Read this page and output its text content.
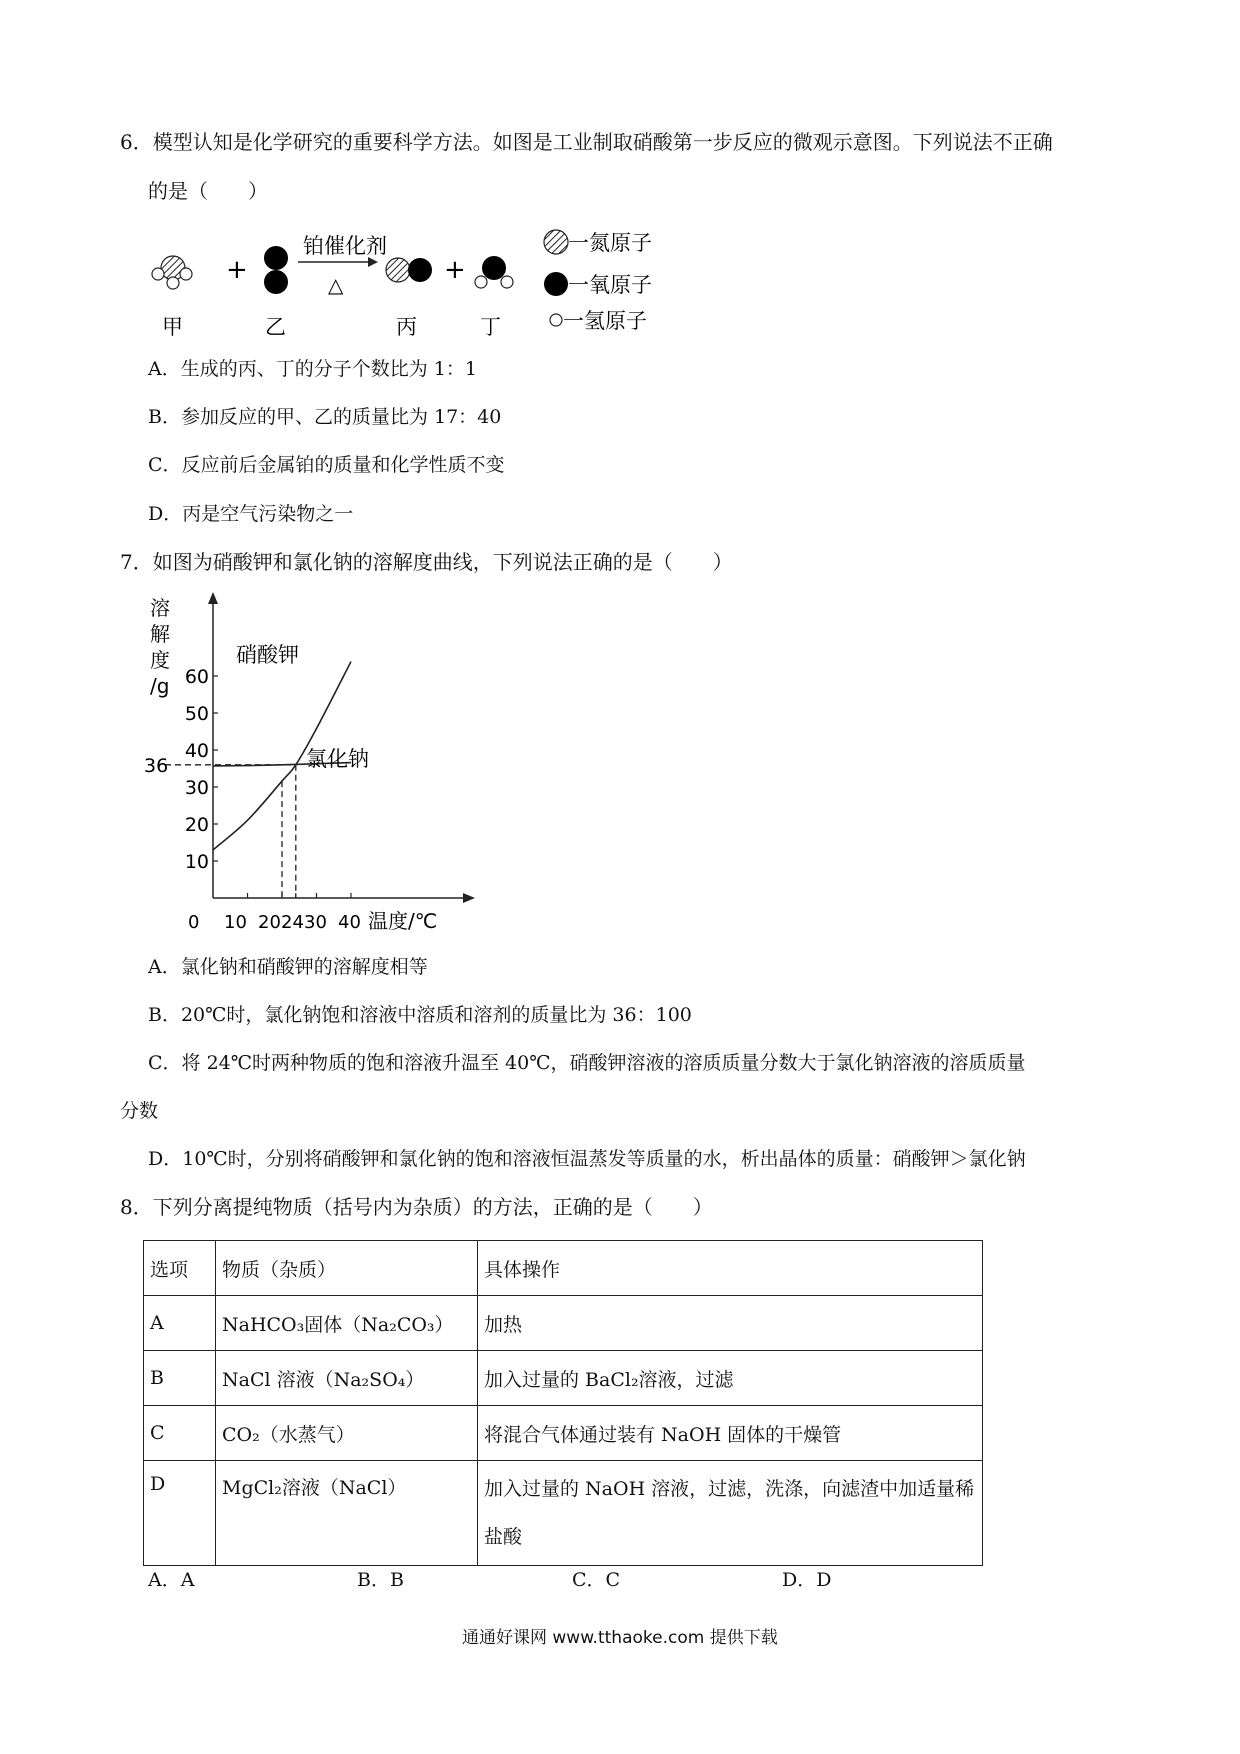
6．模型认知是化学研究的重要科学方法。如图是工业制取硝酸第一步反应的微观示意图。下列说法不正确
的是（　　）
+
铂催化剂
△	+
甲	乙	丙	丁
一氮原子
一氧原子
一氢原子
A．生成的丙、丁的分子个数比为 1：1
B．参加反应的甲、乙的质量比为 17：40
C．反应前后金属铂的质量和化学性质不变
D．丙是空气污染物之一
7．如图为硝酸钾和氯化钠的溶解度曲线，下列说法正确的是（　　）
溶解度/g
10
20
30
40
50
60
0 10 20 24 30 40
36
硝酸钾
氯化钠
温度/℃
A．氯化钠和硝酸钾的溶解度相等
B．20℃时，氯化钠饱和溶液中溶质和溶剂的质量比为 36：100
C．将 24℃时两种物质的饱和溶液升温至 40℃，硝酸钾溶液的溶质质量分数大于氯化钠溶液的溶质质量
分数
D．10℃时，分别将硝酸钾和氯化钠的饱和溶液恒温蒸发等质量的水，析出晶体的质量：硝酸钾＞氯化钠
8．下列分离提纯物质（括号内为杂质）的方法，正确的是（　　）
选项	物质（杂质）	具体操作
A	NaHCO₃固体（Na₂CO₃）	加热
B	NaCl 溶液（Na₂SO₄）	加入过量的 BaCl₂溶液，过滤
C	CO₂（水蒸气）	将混合气体通过装有 NaOH 固体的干燥管
D	MgCl₂溶液（NaCl）	加入过量的 NaOH 溶液，过滤，洗涤，向滤渣中加适量稀盐酸
A．A	B．B	C．C	D．D
通通好课网 www.tthaoke.com 提供下载
